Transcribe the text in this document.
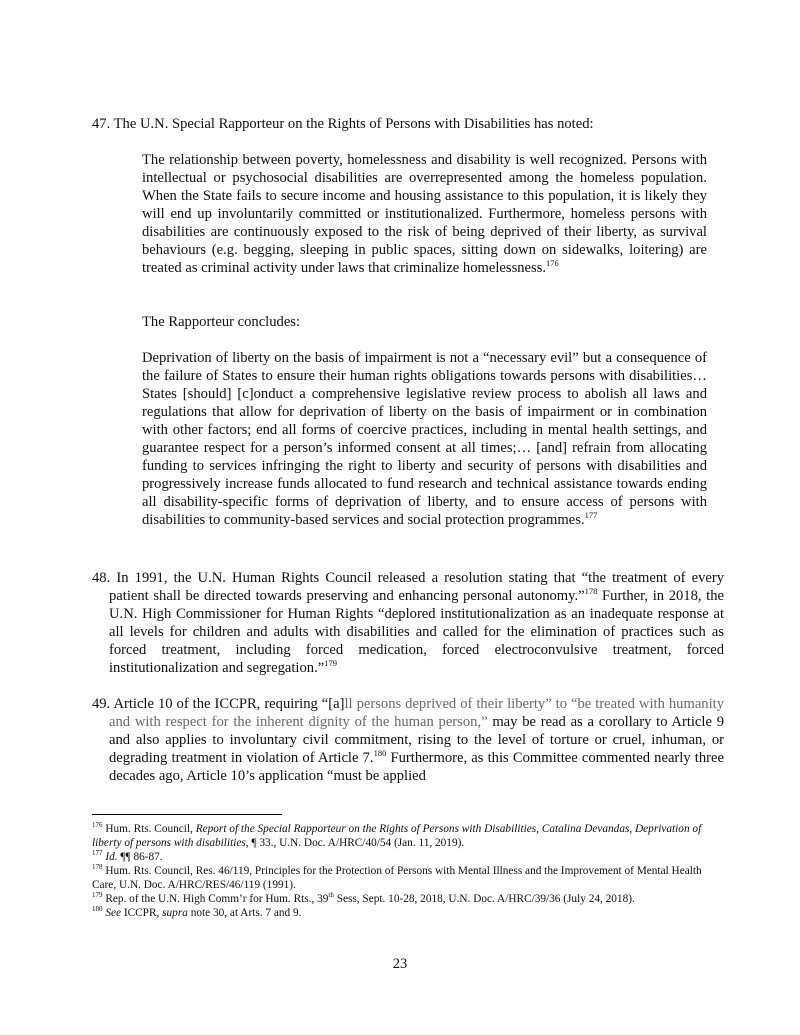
47. The U.N. Special Rapporteur on the Rights of Persons with Disabilities has noted:
The relationship between poverty, homelessness and disability is well recognized. Persons with intellectual or psychosocial disabilities are overrepresented among the homeless population. When the State fails to secure income and housing assistance to this population, it is likely they will end up involuntarily committed or institutionalized. Furthermore, homeless persons with disabilities are continuously exposed to the risk of being deprived of their liberty, as survival behaviours (e.g. begging, sleeping in public spaces, sitting down on sidewalks, loitering) are treated as criminal activity under laws that criminalize homelessness.$^{176}$
The Rapporteur concludes:
Deprivation of liberty on the basis of impairment is not a “necessary evil” but a consequence of the failure of States to ensure their human rights obligations towards persons with disabilities…States [should] [c]onduct a comprehensive legislative review process to abolish all laws and regulations that allow for deprivation of liberty on the basis of impairment or in combination with other factors; end all forms of coercive practices, including in mental health settings, and guarantee respect for a person’s informed consent at all times;… [and] refrain from allocating funding to services infringing the right to liberty and security of persons with disabilities and progressively increase funds allocated to fund research and technical assistance towards ending all disability-specific forms of deprivation of liberty, and to ensure access of persons with disabilities to community-based services and social protection programmes.$^{177}$
48. In 1991, the U.N. Human Rights Council released a resolution stating that “the treatment of every patient shall be directed towards preserving and enhancing personal autonomy.”$^{178}$ Further, in 2018, the U.N. High Commissioner for Human Rights “deplored institutionalization as an inadequate response at all levels for children and adults with disabilities and called for the elimination of practices such as forced treatment, including forced medication, forced electroconvulsive treatment, forced institutionalization and segregation.”$^{179}$
49. Article 10 of the ICCPR, requiring “[a]ll persons deprived of their liberty” to “be treated with humanity and with respect for the inherent dignity of the human person,” may be read as a corollary to Article 9 and also applies to involuntary civil commitment, rising to the level of torture or cruel, inhuman, or degrading treatment in violation of Article 7.$^{180}$ Furthermore, as this Committee commented nearly three decades ago, Article 10’s application “must be applied
$^{176}$ Hum. Rts. Council, Report of the Special Rapporteur on the Rights of Persons with Disabilities, Catalina Devandas, Deprivation of liberty of persons with disabilities, ¶ 33., U.N. Doc. A/HRC/40/54 (Jan. 11, 2019).
$^{177}$ Id. ¶¶ 86-87.
$^{178}$ Hum. Rts. Council, Res. 46/119, Principles for the Protection of Persons with Mental Illness and the Improvement of Mental Health Care, U.N. Doc. A/HRC/RES/46/119 (1991).
$^{179}$ Rep. of the U.N. High Comm’r for Hum. Rts., 39th Sess, Sept. 10-28, 2018, U.N. Doc. A/HRC/39/36 (July 24, 2018).
$^{180}$ See ICCPR, supra note 30, at Arts. 7 and 9.
23
